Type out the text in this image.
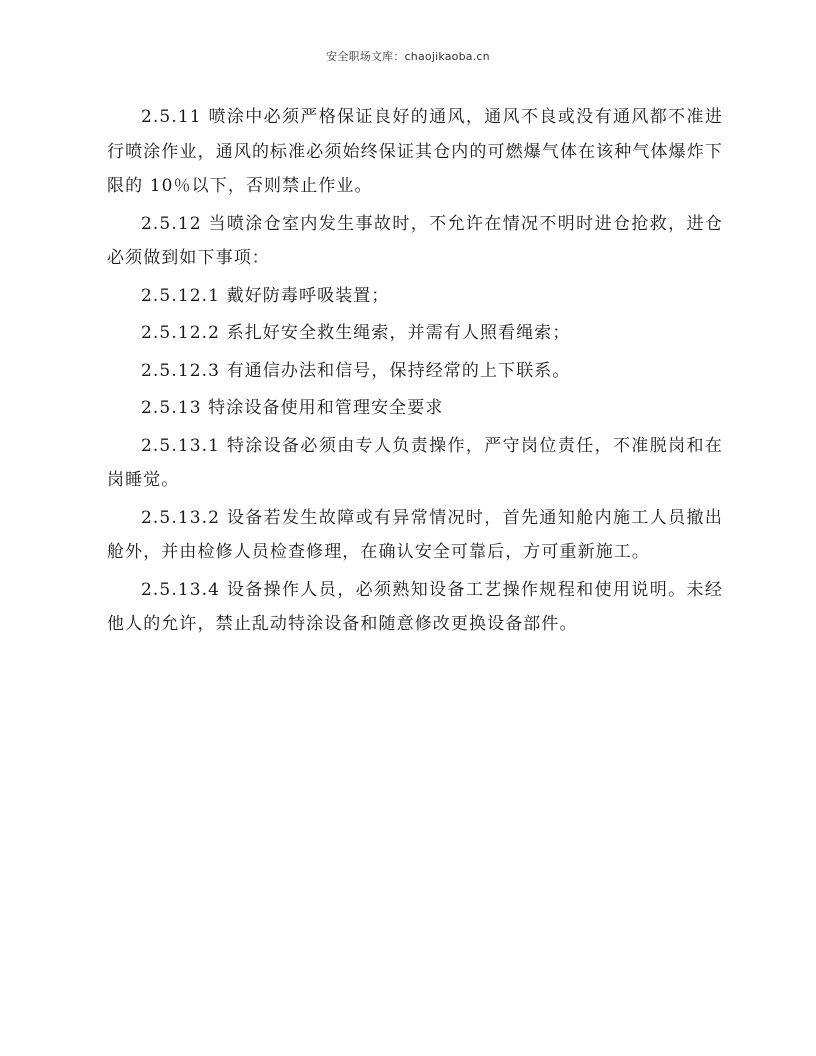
安全职场文库：chaojikaoba.cn

2.5.11 喷涂中必须严格保证良好的通风，通风不良或没有通风都不准进行喷涂作业，通风的标准必须始终保证其仓内的可燃爆气体在该种气体爆炸下限的 10％以下，否则禁止作业。

2.5.12 当喷涂仓室内发生事故时，不允许在情况不明时进仓抢救，进仓必须做到如下事项：

2.5.12.1 戴好防毒呼吸装置；

2.5.12.2 系扎好安全救生绳索，并需有人照看绳索；

2.5.12.3 有通信办法和信号，保持经常的上下联系。

2.5.13 特涂设备使用和管理安全要求

2.5.13.1 特涂设备必须由专人负责操作，严守岗位责任，不准脱岗和在岗睡觉。

2.5.13.2 设备若发生故障或有异常情况时，首先通知舱内施工人员撤出舱外，并由检修人员检查修理，在确认安全可靠后，方可重新施工。

2.5.13.4 设备操作人员，必须熟知设备工艺操作规程和使用说明。未经他人的允许，禁止乱动特涂设备和随意修改更换设备部件。
